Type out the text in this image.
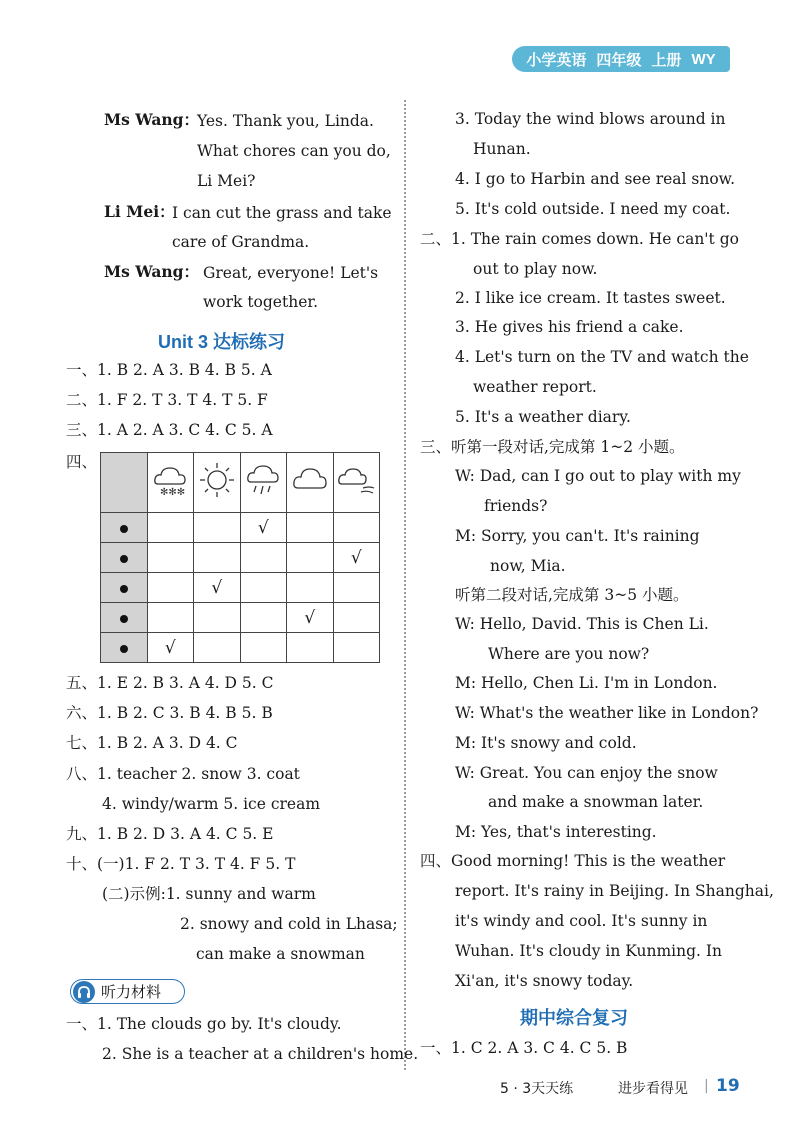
小学英语 四年级 上册 WY
Ms Wang：
Yes. Thank you, Linda.
What chores can you do,
Li Mei?
Li Mei：
I can cut the grass and take
care of Grandma.
Ms Wang： Great, everyone! Let's
work together.
Unit 3 达标练习
一、1. B 2. A 3. B 4. B 5. A
二、1. F 2. T 3. T 4. T 5. F
三、1. A 2. A 3. C 4. C 5. A
四、

✻✻✻

			√		
					√
		√			
				√	
	√				
五、1. E 2. B 3. A 4. D 5. C
六、1. B 2. C 3. B 4. B 5. B
七、1. B 2. A 3. D 4. C
八、1. teacher 2. snow 3. coat
4. windy/warm 5. ice cream
九、1. B 2. D 3. A 4. C 5. E
十、(一)1. F 2. T 3. T 4. F 5. T
(二)示例:1. sunny and warm
2. snowy and cold in Lhasa;
can make a snowman
听力材料
一、1. The clouds go by. It's cloudy.
2. She is a teacher at a children's home.
3. Today the wind blows around in
Hunan.
4. I go to Harbin and see real snow.
5. It's cold outside. I need my coat.
二、1. The rain comes down. He can't go
out to play now.
2. I like ice cream. It tastes sweet.
3. He gives his friend a cake.
4. Let's turn on the TV and watch the
weather report.
5. It's a weather diary.
三、听第一段对话,完成第 1~2 小题。
W: Dad, can I go out to play with my
friends?
M: Sorry, you can't. It's raining
now, Mia.
听第二段对话,完成第 3~5 小题。
W: Hello, David. This is Chen Li.
Where are you now?
M: Hello, Chen Li. I'm in London.
W: What's the weather like in London?
M: It's snowy and cold.
W: Great. You can enjoy the snow
and make a snowman later.
M: Yes, that's interesting.
四、Good morning! This is the weather
report. It's rainy in Beijing. In Shanghai,
it's windy and cool. It's sunny in
Wuhan. It's cloudy in Kunming. In
Xi'an, it's snowy today.
期中综合复习
一、1. C 2. A 3. C 4. C 5. B
5 · 3天天练	进步看得见 | 19
